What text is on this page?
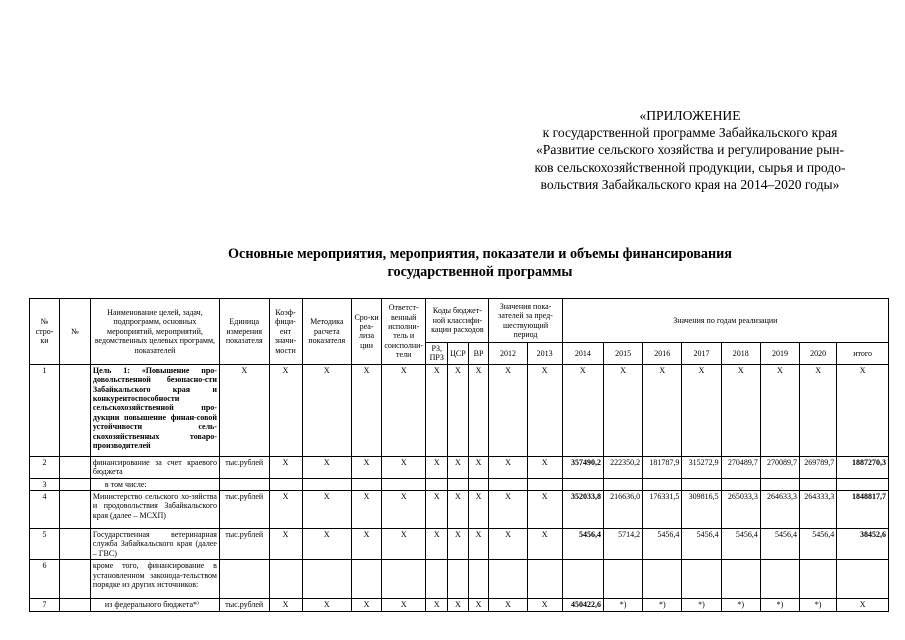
«ПРИЛОЖЕНИЕ
к государственной программе Забайкальского края
«Развитие сельского хозяйства и регулирование рын-
ков сельскохозяйственной продукции, сырья и продо-
вольствия Забайкальского края на 2014–2020 годы»
Основные мероприятия, мероприятия, показатели и объемы финансирования
государственной программы
№ стро-ки	№	Наименование целей, задач, подпрограмм, основных мероприятий, мероприятий, ведомственных целевых программ, показателей	Единица измерения показателя	Коэф-фици-ент значи-мости	Методика расчета показателя	Сро-ки реа-лиза ции	Ответст-венный исполни-тель и соисполни-тели	Коды бюджет-ной классифи-кации расходов			Значения пока-зателей за пред-шествующий период		Значения по годам реализации							
								РЗ, ПРЗ	ЦСР	ВР	2012	2013	2014	2015	2016	2017	2018	2019	2020	итого
1		Цель 1: «Повышение про-довольственной безопасно-сти Забайкальского края и конкурентоспособности сельскохозяйственной про-дукции повышение финан-совой устойчивости сель-скохозяйственных товаро-производителей	Х	Х	Х	Х	Х	Х	Х	Х	Х	Х	Х	Х	Х	Х	Х	Х	Х	Х
2		финансирование за счет краевого бюджета	тыс.рублей	Х	Х	Х	Х	Х	Х	Х	Х	Х	357490,2	222350,2	181787,9	315272,9	270489,7	270089,7	269789,7	1887270,3
3		в том числе:																		
4		Министерство сельского хо-зяйства и продовольствия Забайкальского края (далее – МСХП)	тыс.рублей	Х	Х	Х	Х	Х	Х	Х	Х	Х	352033,8	216636,0	176331,5	309816,5	265033,3	264633,3	264333,3	1848817,7
5		Государственная ветеринарная служба Забайкальского края (далее – ГВС)	тыс.рублей	Х	Х	Х	Х	Х	Х	Х	Х	Х	5456,4	5714,2	5456,4	5456,4	5456,4	5456,4	5456,4	38452,6
6		кроме того, финансирование в установленном законода-тельством порядке из других источников:																		
7		из федерального бюджета*⁾	тыс.рублей	Х	Х	Х	Х	Х	Х	Х	Х	Х	450422,6	*)	*)	*)	*)	*)	*)	Х
